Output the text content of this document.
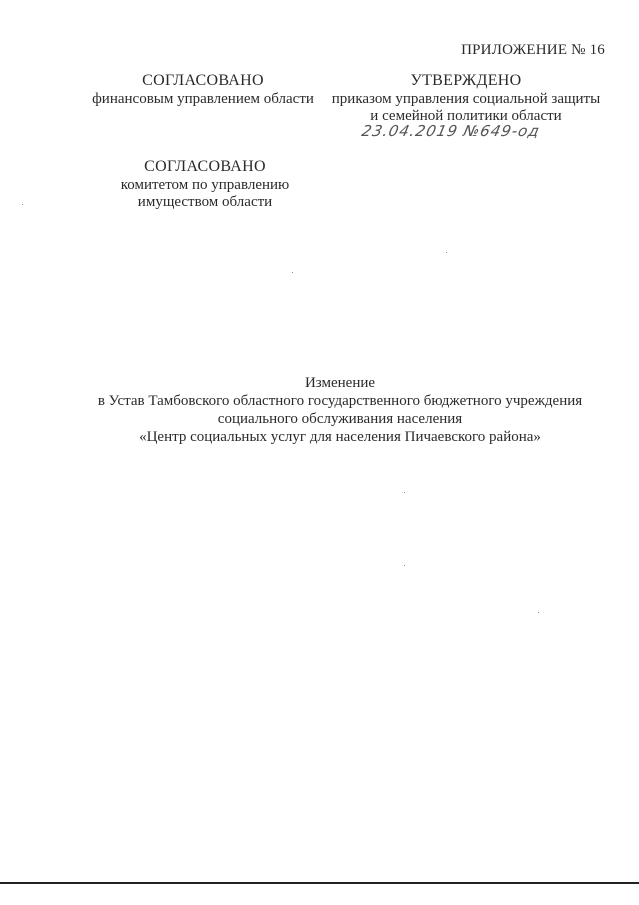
ПРИЛОЖЕНИЕ № 16
СОГЛАСОВАНО
финансовым управлением области
УТВЕРЖДЕНО
приказом управления социальной защиты
и семейной политики области
23.04.2019 №649-од
СОГЛАСОВАНО
комитетом по управлению
имуществом области
Изменение
в Устав Тамбовского областного государственного бюджетного учреждения
социального обслуживания населения
«Центр социальных услуг для населения Пичаевского района»
